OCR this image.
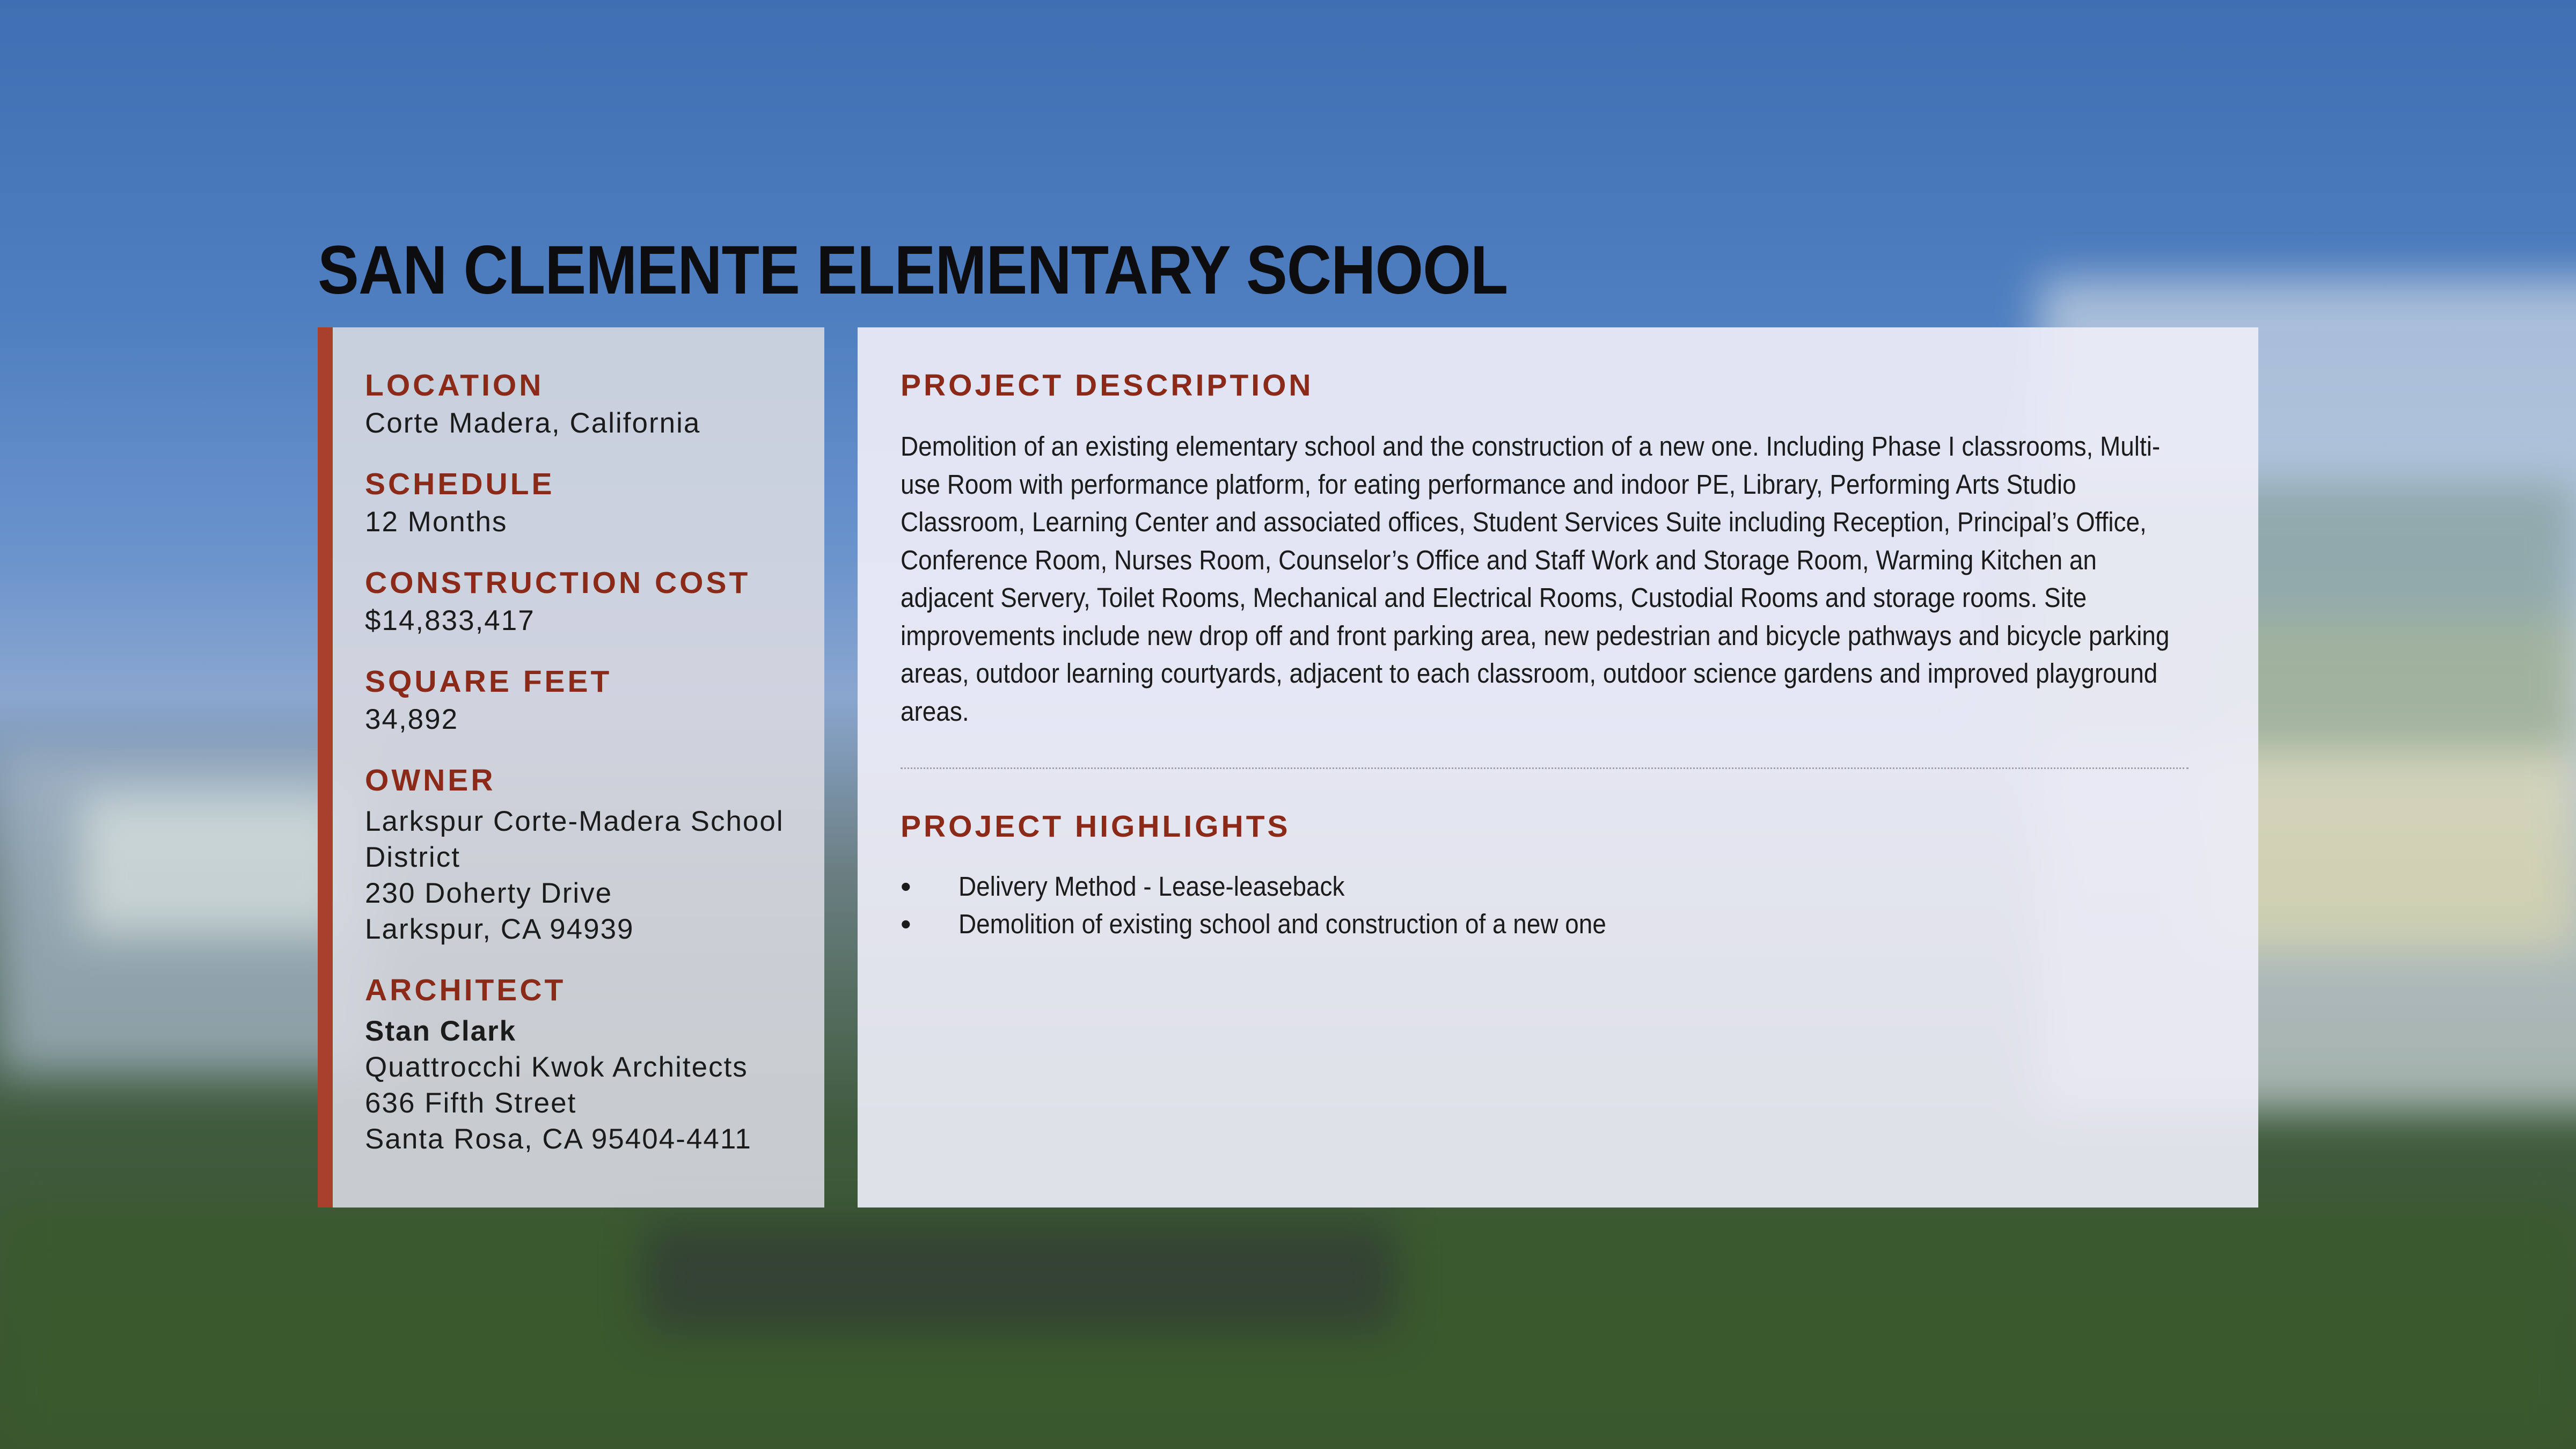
SAN CLEMENTE ELEMENTARY SCHOOL

LOCATION

Corte Madera, California

SCHEDULE

12 Months

CONSTRUCTION COST

$14,833,417

SQUARE FEET

34,892

OWNER

Larkspur Corte-Madera School

District

230 Doherty Drive

Larkspur, CA 94939

ARCHITECT

Stan Clark

Quattrocchi Kwok Architects

636 Fifth Street

Santa Rosa, CA 95404-4411

PROJECT DESCRIPTION

Demolition of an existing elementary school and the construction of a new one. Including Phase I classrooms, Multi-use Room with performance platform, for eating performance and indoor PE, Library, Performing Arts Studio Classroom, Learning Center and associated offices, Student Services Suite including Reception, Principal’s Office, Conference Room, Nurses Room, Counselor’s Office and Staff Work and Storage Room, Warming Kitchen an adjacent Servery, Toilet Rooms, Mechanical and Electrical Rooms, Custodial Rooms and storage rooms. Site improvements include new drop off and front parking area, new pedestrian and bicycle pathways and bicycle parking areas, outdoor learning courtyards, adjacent to each classroom, outdoor science gardens and improved playground areas.

PROJECT HIGHLIGHTS

• Delivery Method - Lease-leaseback
• Demolition of existing school and construction of a new one
